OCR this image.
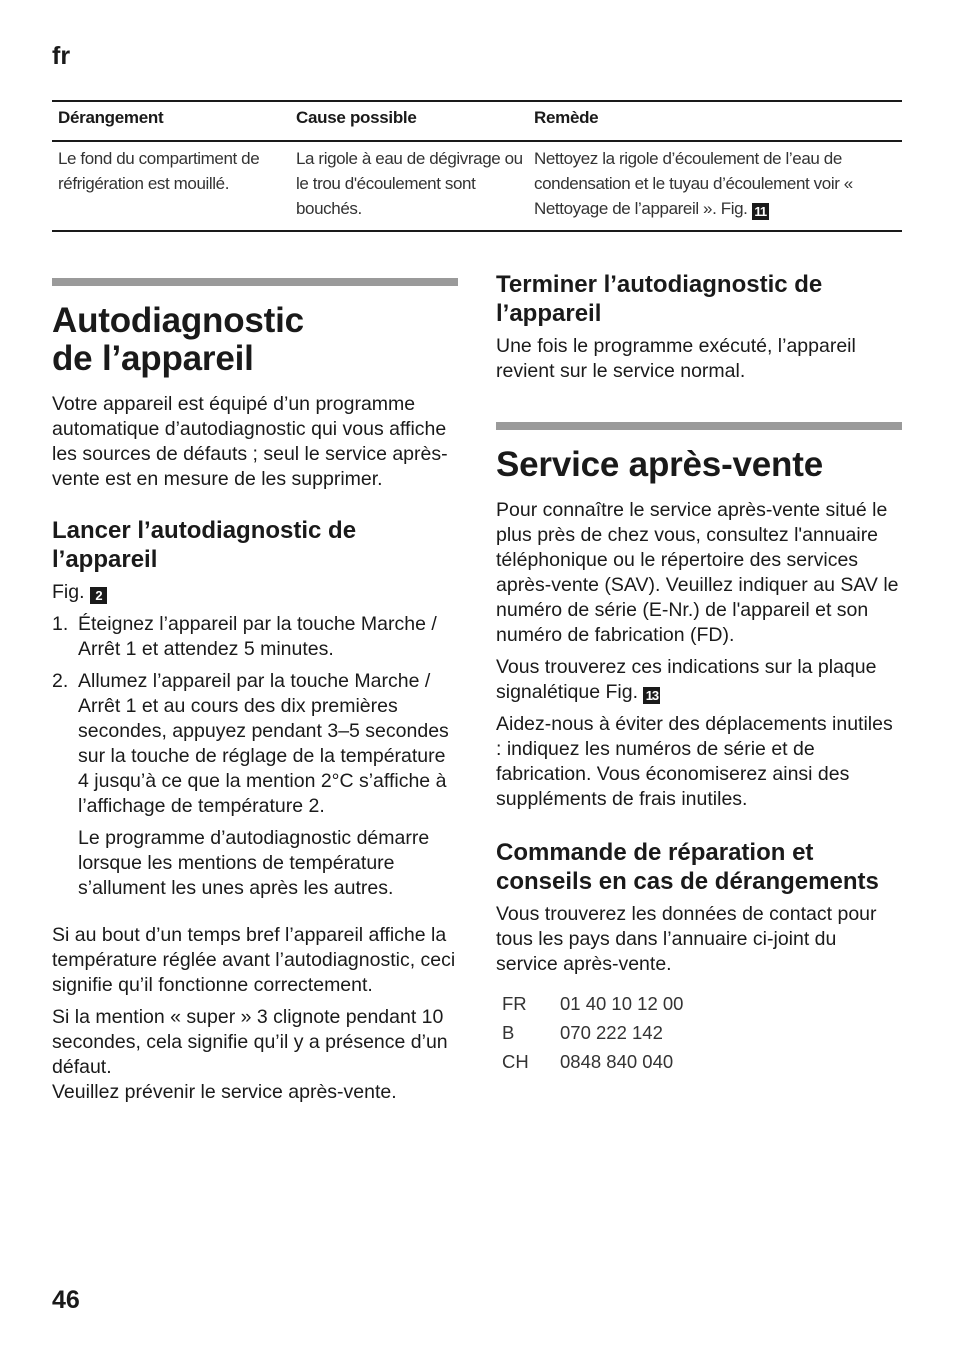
fr
Dérangement	Cause possible	Remède
Le fond du compartiment de réfrigération est mouillé.	La rigole à eau de dégivrage ou le trou d'écoulement sont bouchés.	Nettoyez la rigole d’écoulement de l’eau de condensation et le tuyau d’écoulement voir « Nettoyage de l’appareil ». Fig. 11
Autodiagnostic
de l’appareil

Votre appareil est équipé d’un programme automatique d’autodiagnostic qui vous affiche les sources de défauts ; seul le service après-vente est en mesure de les supprimer.

Lancer l’autodiagnostic de l’appareil

Fig. 2

1. Éteignez l’appareil par la touche Marche / Arrêt 1 et attendez 5 minutes.
2. Allumez l’appareil par la touche Marche / Arrêt 1 et au cours des dix premières secondes, appuyez pendant 3–5 secondes sur la touche de réglage de la température 4 jusqu’à ce que la mention 2°C s’affiche à l’affichage de température 2.

Le programme d’autodiagnostic démarre lorsque les mentions de température s’allument les unes après les autres.

Si au bout d’un temps bref l’appareil affiche la température réglée avant l’autodiagnostic, ceci signifie qu’il fonctionne correctement.

Si la mention « super » 3 clignote pendant 10 secondes, cela signifie qu’il y a présence d’un défaut.

Veuillez prévenir le service après-vente.

Terminer l’autodiagnostic de l’appareil

Une fois le programme exécuté, l’appareil revient sur le service normal.

Service après-vente

Pour connaître le service après-vente situé le plus près de chez vous, consultez l'annuaire téléphonique ou le répertoire des services après-vente (SAV). Veuillez indiquer au SAV le numéro de série (E-Nr.) de l'appareil et son numéro de fabrication (FD).

Vous trouverez ces indications sur la plaque signalétique Fig. 13

Aidez-nous à éviter des déplacements inutiles : indiquez les numéros de série et de fabrication. Vous économiserez ainsi des suppléments de frais inutiles.

Commande de réparation et conseils en cas de dérangements

Vous trouverez les données de contact pour tous les pays dans l’annuaire ci-joint du service après-vente.

FR	01 40 10 12 00
B	070 222 142
CH	0848 840 040
46
